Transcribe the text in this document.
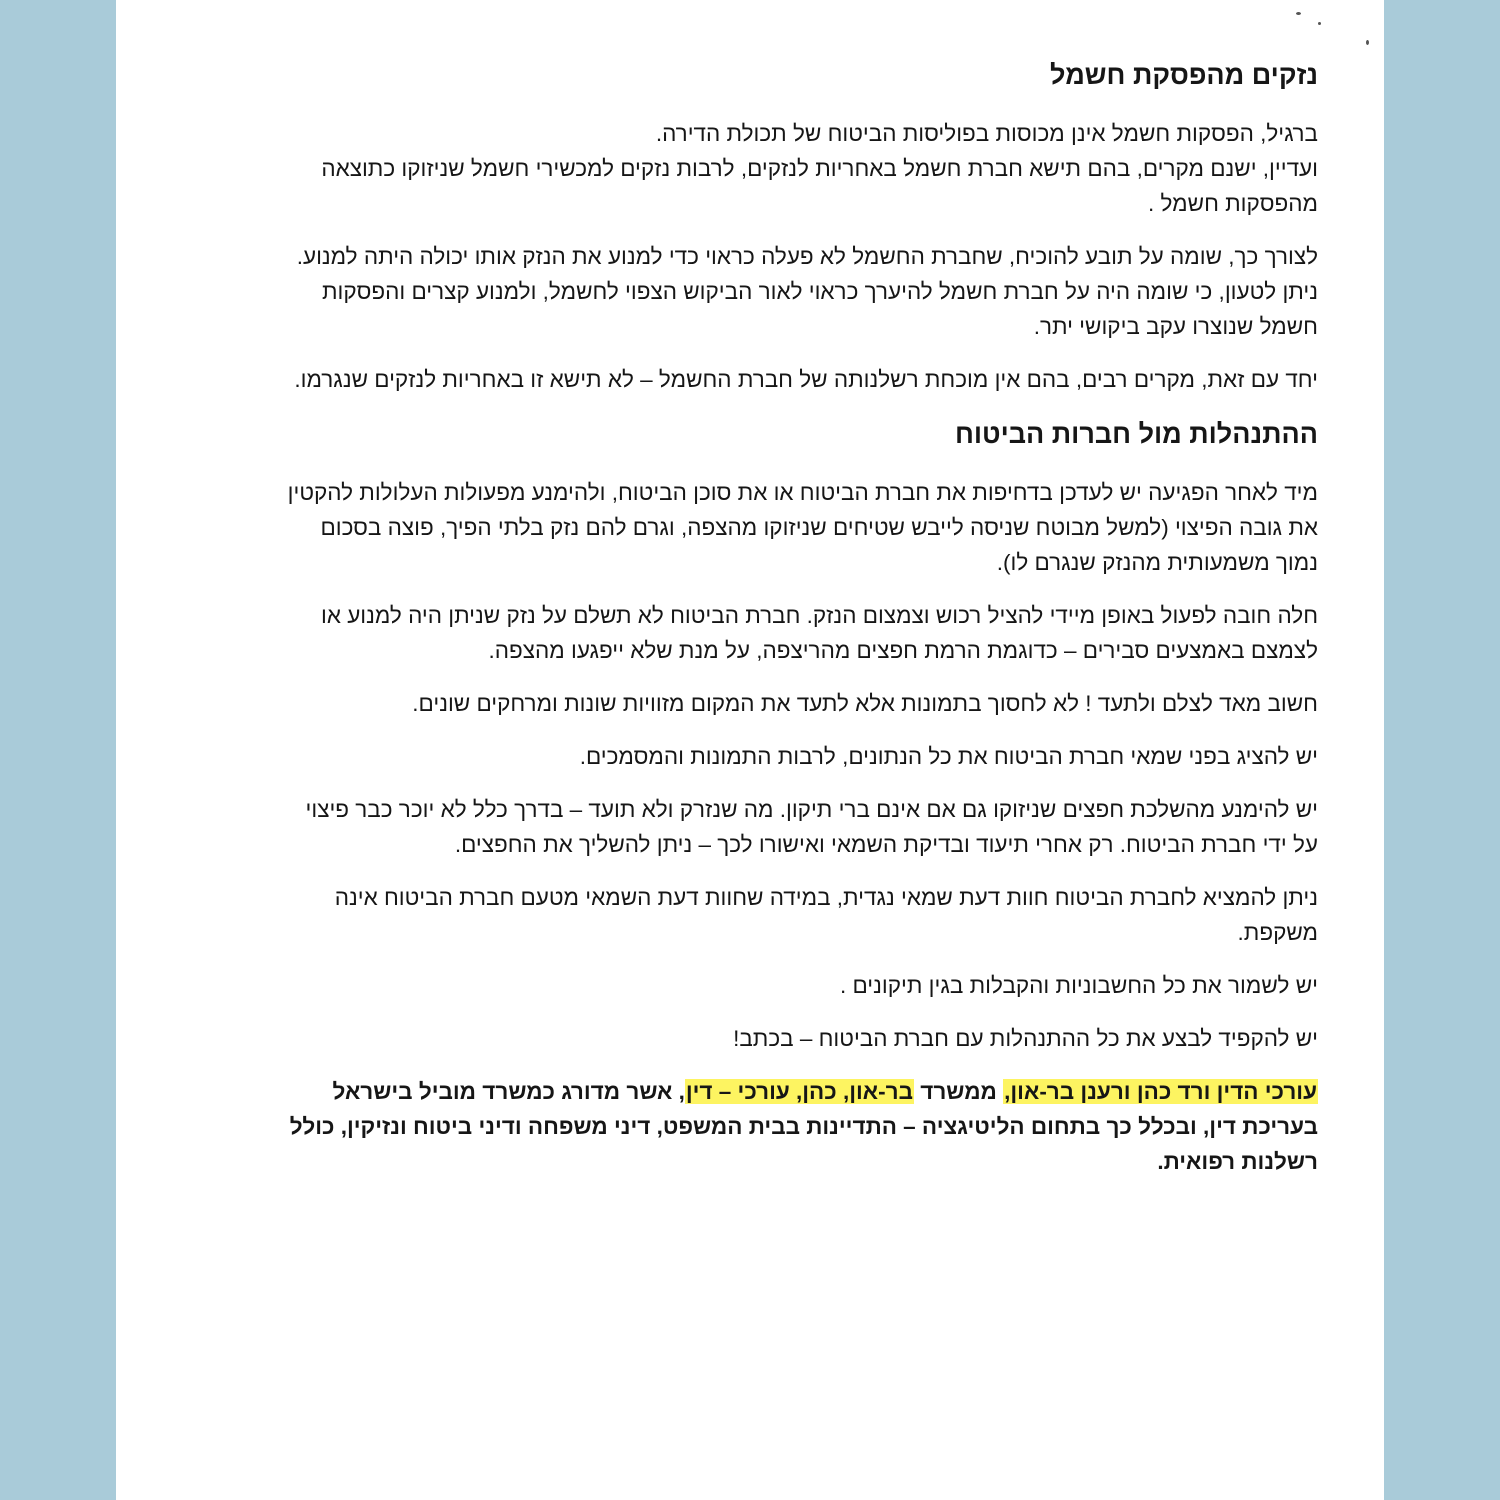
נזקים מהפסקת חשמל

ברגיל, הפסקות חשמל אינן מכוסות בפוליסות הביטוח של תכולת הדירה.

ועדיין, ישנם מקרים, בהם תישא חברת חשמל באחריות לנזקים, לרבות נזקים למכשירי חשמל שניזוקו כתוצאה מהפסקות חשמל .

לצורך כך, שומה על תובע להוכיח, שחברת החשמל לא פעלה כראוי כדי למנוע את הנזק אותו יכולה היתה למנוע. ניתן לטעון, כי שומה היה על חברת חשמל להיערך כראוי לאור הביקוש הצפוי לחשמל, ולמנוע קצרים והפסקות חשמל שנוצרו עקב ביקושי יתר.

יחד עם זאת, מקרים רבים, בהם אין מוכחת רשלנותה של חברת החשמל – לא תישא זו באחריות לנזקים שנגרמו.

ההתנהלות מול חברות הביטוח

מיד לאחר הפגיעה יש לעדכן בדחיפות את חברת הביטוח או את סוכן הביטוח, ולהימנע מפעולות העלולות להקטין את גובה הפיצוי (למשל מבוטח שניסה לייבש שטיחים שניזוקו מהצפה, וגרם להם נזק בלתי הפיך, פוצה בסכום נמוך משמעותית מהנזק שנגרם לו).

חלה חובה לפעול באופן מיידי להציל רכוש וצמצום הנזק. חברת הביטוח לא תשלם על נזק שניתן היה למנוע או לצמצם באמצעים סבירים – כדוגמת הרמת חפצים מהריצפה, על מנת שלא ייפגעו מהצפה.

חשוב מאד לצלם ולתעד ! לא לחסוך בתמונות אלא לתעד את המקום מזוויות שונות ומרחקים שונים.

יש להציג בפני שמאי חברת הביטוח את כל הנתונים, לרבות התמונות והמסמכים.

יש להימנע מהשלכת חפצים שניזוקו גם אם אינם ברי תיקון. מה שנזרק ולא תועד – בדרך כלל לא יוכר כבר פיצוי על ידי חברת הביטוח. רק אחרי תיעוד ובדיקת השמאי ואישורו לכך – ניתן להשליך את החפצים.

ניתן להמציא לחברת הביטוח חוות דעת שמאי נגדית, במידה שחוות דעת השמאי מטעם חברת הביטוח אינה משקפת.

יש לשמור את כל החשבוניות והקבלות בגין תיקונים .

יש להקפיד לבצע את כל ההתנהלות עם חברת הביטוח – בכתב!

עורכי הדין ורד כהן ורענן בר-און, ממשרד בר-און, כהן, עורכי – דין, אשר מדורג כמשרד מוביל בישראל בעריכת דין, ובכלל כך בתחום הליטיגציה – התדיינות בבית המשפט, דיני משפחה ודיני ביטוח ונזיקין, כולל רשלנות רפואית.
